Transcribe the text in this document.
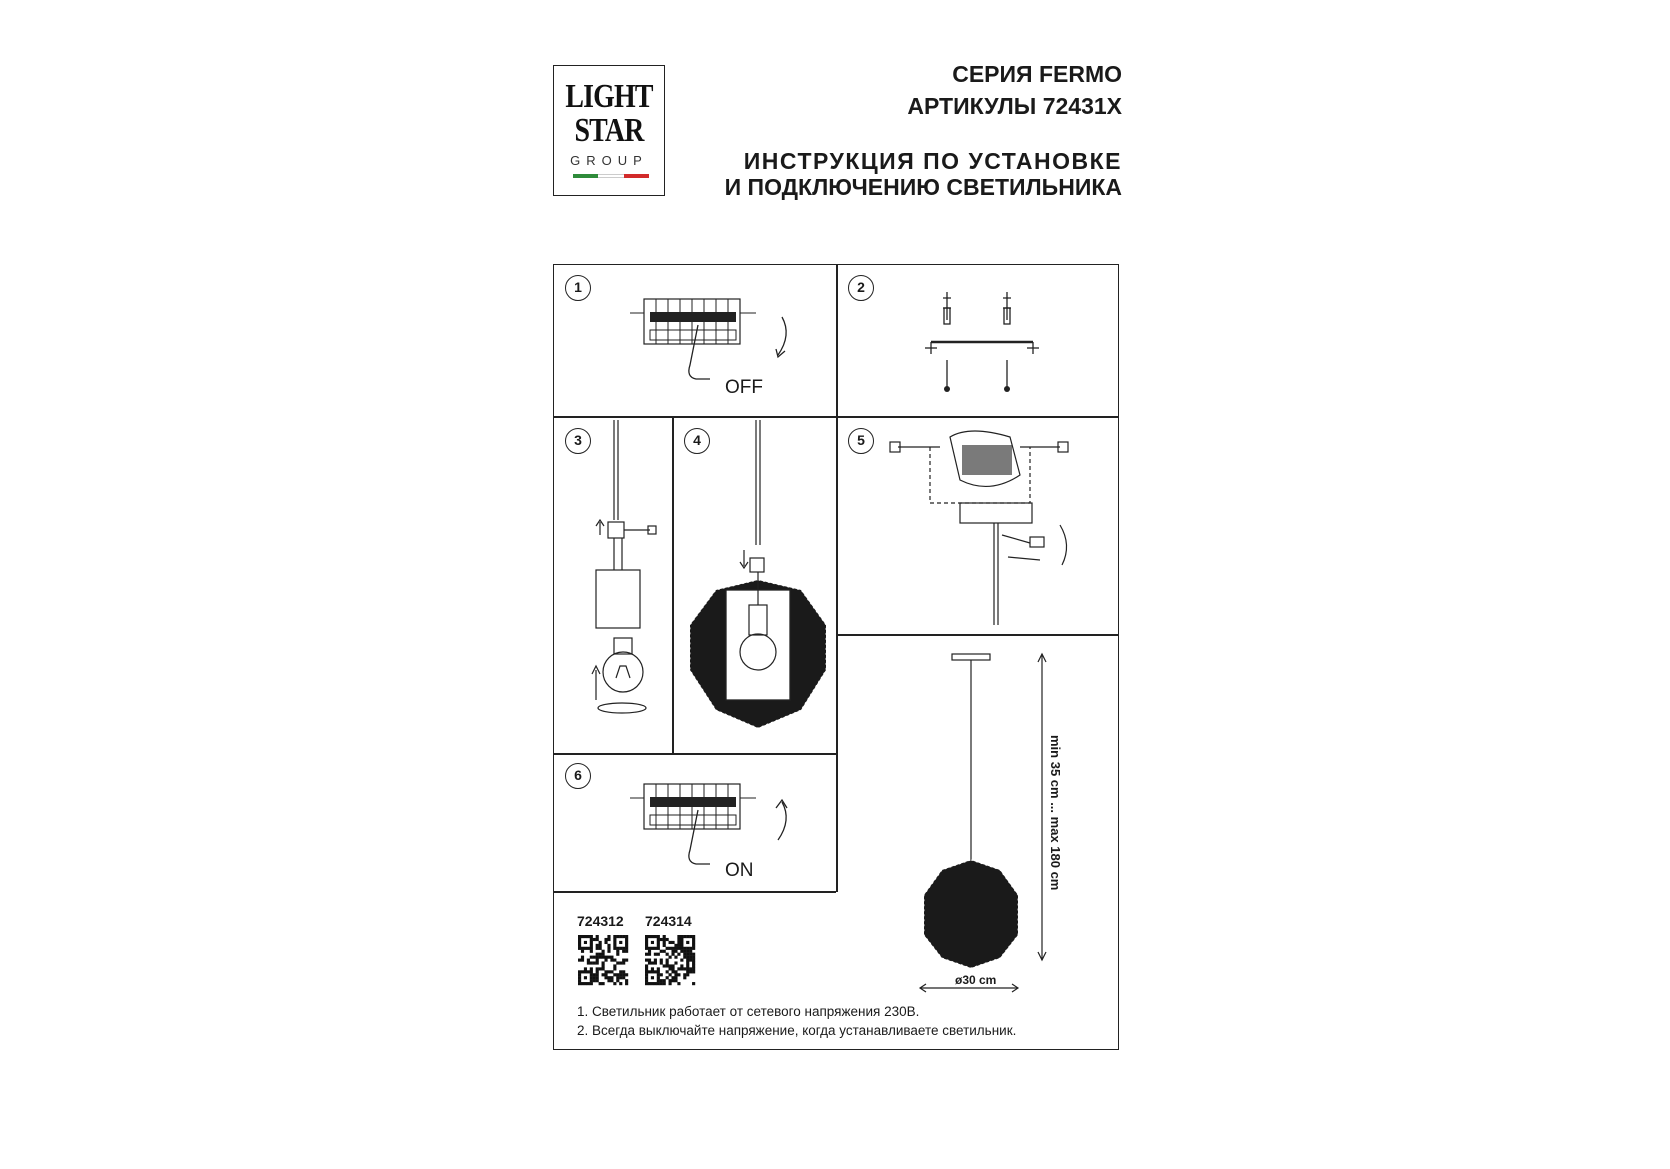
LIGHT
STAR
GROUP
СЕРИЯ FERMO
АРТИКУЛЫ 72431X
ИНСТРУКЦИЯ ПО УСТАНОВКЕ
И ПОДКЛЮЧЕНИЮ СВЕТИЛЬНИКА
1	2
3	4	5
6
OFF
ON	min 35 cm ... max 180 cm
ø30 cm
724312 724314
1. Светильник работает от сетевого напряжения 230В.
2. Всегда выключайте напряжение, когда устанавливаете светильник.
